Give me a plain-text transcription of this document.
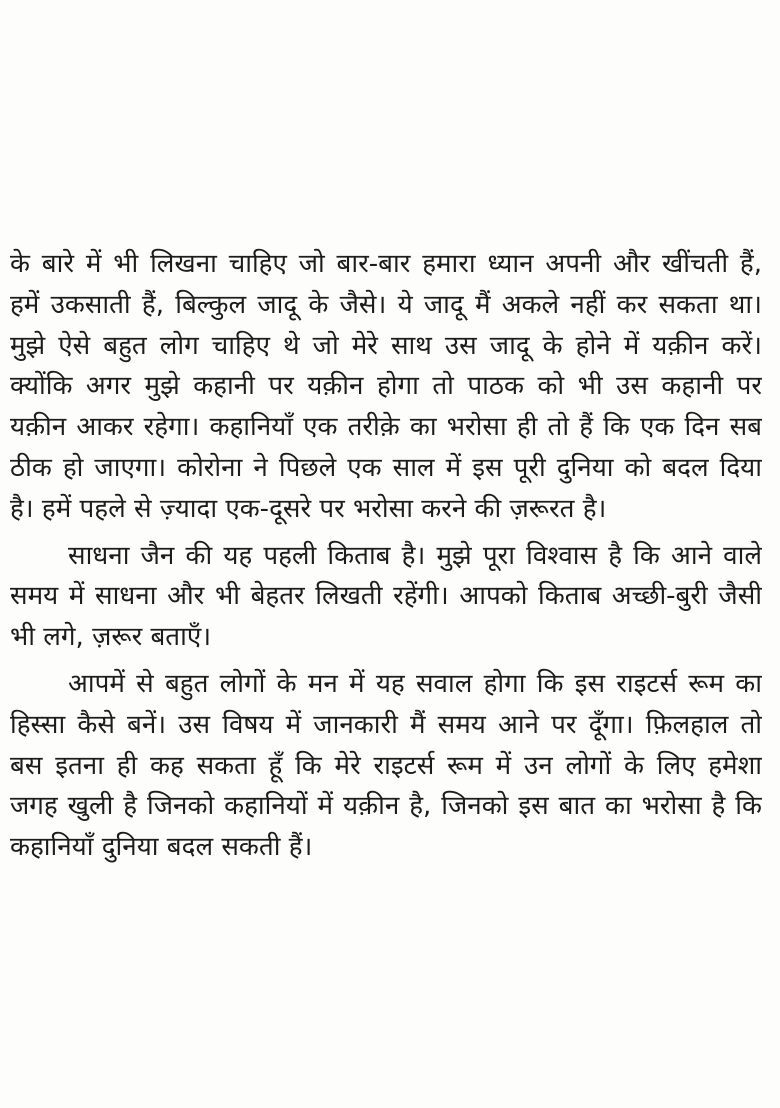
के बारे में भी लिखना चाहिए जो बार-बार हमारा ध्यान अपनी और खींचती हैं,
हमें उकसाती हैं, बिल्कुल जादू के जैसे। ये जादू मैं अकले नहीं कर सकता था।
मुझे ऐसे बहुत लोग चाहिए थे जो मेरे साथ उस जादू के होने में यक़ीन करें।
क्योंकि अगर मुझे कहानी पर यक़ीन होगा तो पाठक को भी उस कहानी पर
यक़ीन आकर रहेगा। कहानियाँ एक तरीक़े का भरोसा ही तो हैं कि एक दिन सब
ठीक हो जाएगा। कोरोना ने पिछले एक साल में इस पूरी दुनिया को बदल दिया
है। हमें पहले से ज़्यादा एक-दूसरे पर भरोसा करने की ज़रूरत है।
साधना जैन की यह पहली किताब है। मुझे पूरा विश्वास है कि आने वाले
समय में साधना और भी बेहतर लिखती रहेंगी। आपको किताब अच्छी-बुरी जैसी
भी लगे, ज़रूर बताएँ।
आपमें से बहुत लोगों के मन में यह सवाल होगा कि इस राइटर्स रूम का
हिस्सा कैसे बनें। उस विषय में जानकारी मैं समय आने पर दूँगा। फ़िलहाल तो
बस इतना ही कह सकता हूँ कि मेरे राइटर्स रूम में उन लोगों के लिए हमेशा
जगह खुली है जिनको कहानियों में यक़ीन है, जिनको इस बात का भरोसा है कि
कहानियाँ दुनिया बदल सकती हैं।
